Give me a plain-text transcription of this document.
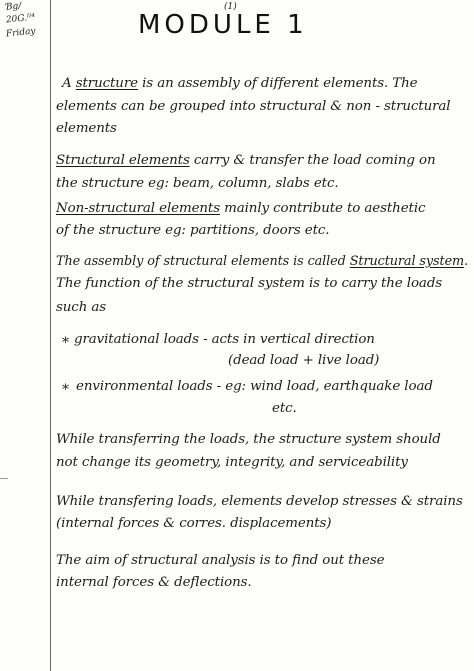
Ɓg/
20G.ᴵᴵ⁴
Friday
(1)
MODULE 1
A structure is an assembly of different elements. The
elements can be grouped into structural & non - structural
elements
Structural elements carry & transfer the load coming on
the structure eg: beam, column, slabs etc.
Non-structural elements mainly contribute to aesthetic
of the structure eg: partitions, doors etc.
The assembly of structural elements is called Structural system.
The function of the structural system is to carry the loads
such as
* gravitational loads - acts in vertical direction
(dead load + live load)
* environmental loads - eg: wind load, earthquake load
etc.
While transferring the loads, the structure system should
not change its geometry, integrity, and serviceability
While transfering loads, elements develop stresses & strains
(internal forces & corres. displacements)
The aim of structural analysis is to find out these
internal forces & deflections.
